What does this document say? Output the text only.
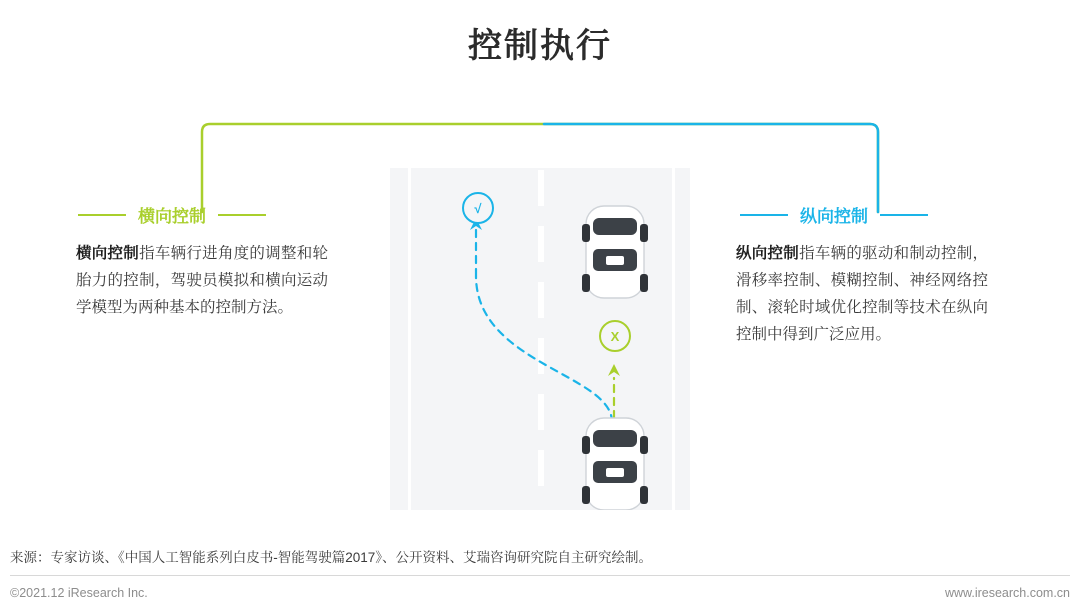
控制执行
横向控制
横向控制指车辆行进角度的调整和轮胎力的控制，驾驶员模拟和横向运动学模型为两种基本的控制方法。
纵向控制
纵向控制指车辆的驱动和制动控制，滑移率控制、模糊控制、神经网络控制、滚轮时域优化控制等技术在纵向控制中得到广泛应用。
√
X
来源：专家访谈、《中国人工智能系列白皮书-智能驾驶篇2017》、公开资料、艾瑞咨询研究院自主研究绘制。
©2021.12 iResearch Inc.	www.iresearch.com.cn
